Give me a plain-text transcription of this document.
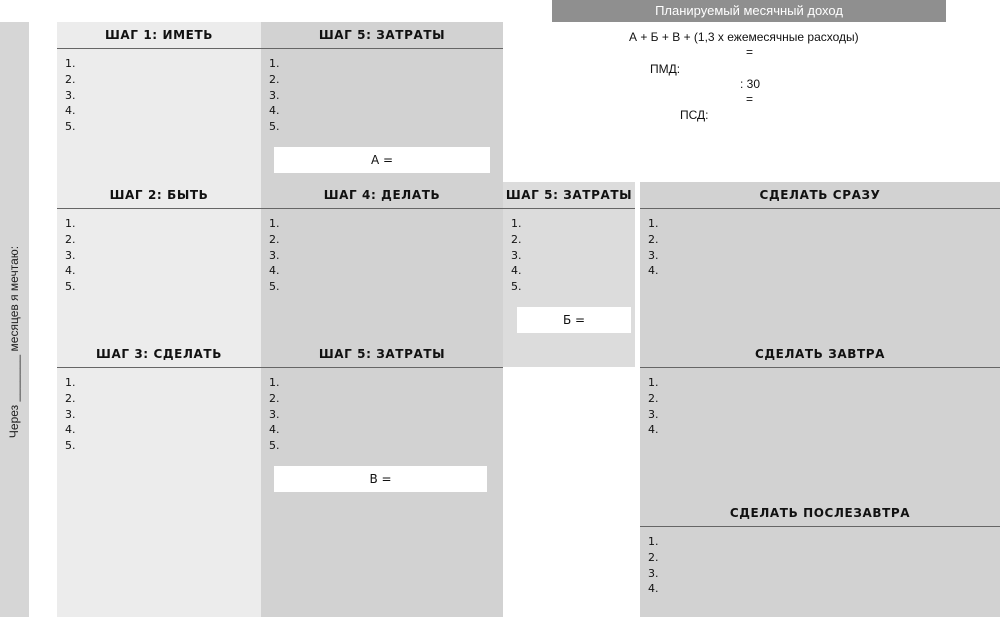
Через _______ месяцев я мечтаю:
Планируемый месячный доход
А + Б + В + (1,3 х ежемесячные расходы)
=
ПМД:
: 30
=
ПСД:
ШАГ 1: ИМЕТЬ
1.
2.
3.
4.
5.
ШАГ 5: ЗАТРАТЫ
1.
2.
3.
4.
5.
А =
ШАГ 2: БЫТЬ
1.
2.
3.
4.
5.
ШАГ 4: ДЕЛАТЬ
1.
2.
3.
4.
5.
ШАГ 5: ЗАТРАТЫ
1.
2.
3.
4.
5.
Б =
ШАГ 3: СДЕЛАТЬ
1.
2.
3.
4.
5.
ШАГ 5: ЗАТРАТЫ
1.
2.
3.
4.
5.
В =
СДЕЛАТЬ СРАЗУ
1.
2.
3.
4.
СДЕЛАТЬ ЗАВТРА
1.
2.
3.
4.
СДЕЛАТЬ ПОСЛЕЗАВТРА
1.
2.
3.
4.
